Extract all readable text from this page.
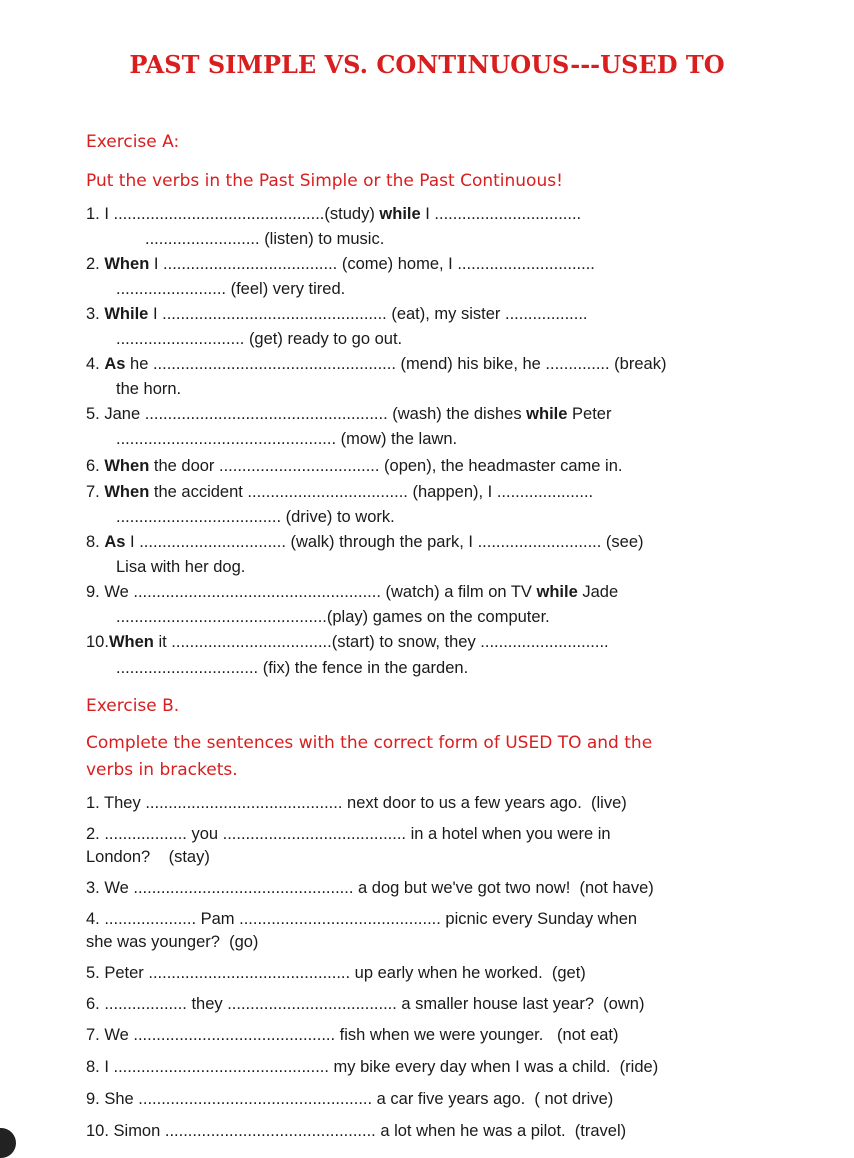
PAST SIMPLE VS. CONTINUOUS---USED TO
Exercise A:
Put the verbs in the Past Simple or the Past Continuous!
1. I ..............................................(study) while I ................................
......................... (listen) to music.
2. When I ...................................... (come) home, I ..............................
........................ (feel) very tired.
3. While I ................................................. (eat), my sister ..................
............................ (get) ready to go out.
4. As he ..................................................... (mend) his bike, he .............. (break)
the horn.
5. Jane ..................................................... (wash) the dishes while Peter
................................................ (mow) the lawn.
6. When the door ................................... (open), the headmaster came in.
7. When the accident ................................... (happen), I .....................
.................................... (drive) to work.
8. As I ................................ (walk) through the park, I ........................... (see)
Lisa with her dog.
9. We ...................................................... (watch) a film on TV while Jade
..............................................(play) games on the computer.
10.When it ...................................(start) to snow, they ............................
............................... (fix) the fence in the garden.
Exercise B.
Complete the sentences with the correct form of USED TO and the
verbs in brackets.
1. They ........................................... next door to us a few years ago.  (live)
2. .................. you ........................................ in a hotel when you were in
London?    (stay)
3. We ................................................ a dog but we've got two now!  (not have)
4. .................... Pam ............................................ picnic every Sunday when
she was younger?  (go)
5. Peter ............................................ up early when he worked.  (get)
6. .................. they ..................................... a smaller house last year?  (own)
7. We ............................................ fish when we were younger.   (not eat)
8. I ............................................... my bike every day when I was a child.  (ride)
9. She ................................................... a car five years ago.  ( not drive)
10. Simon .............................................. a lot when he was a pilot.  (travel)
